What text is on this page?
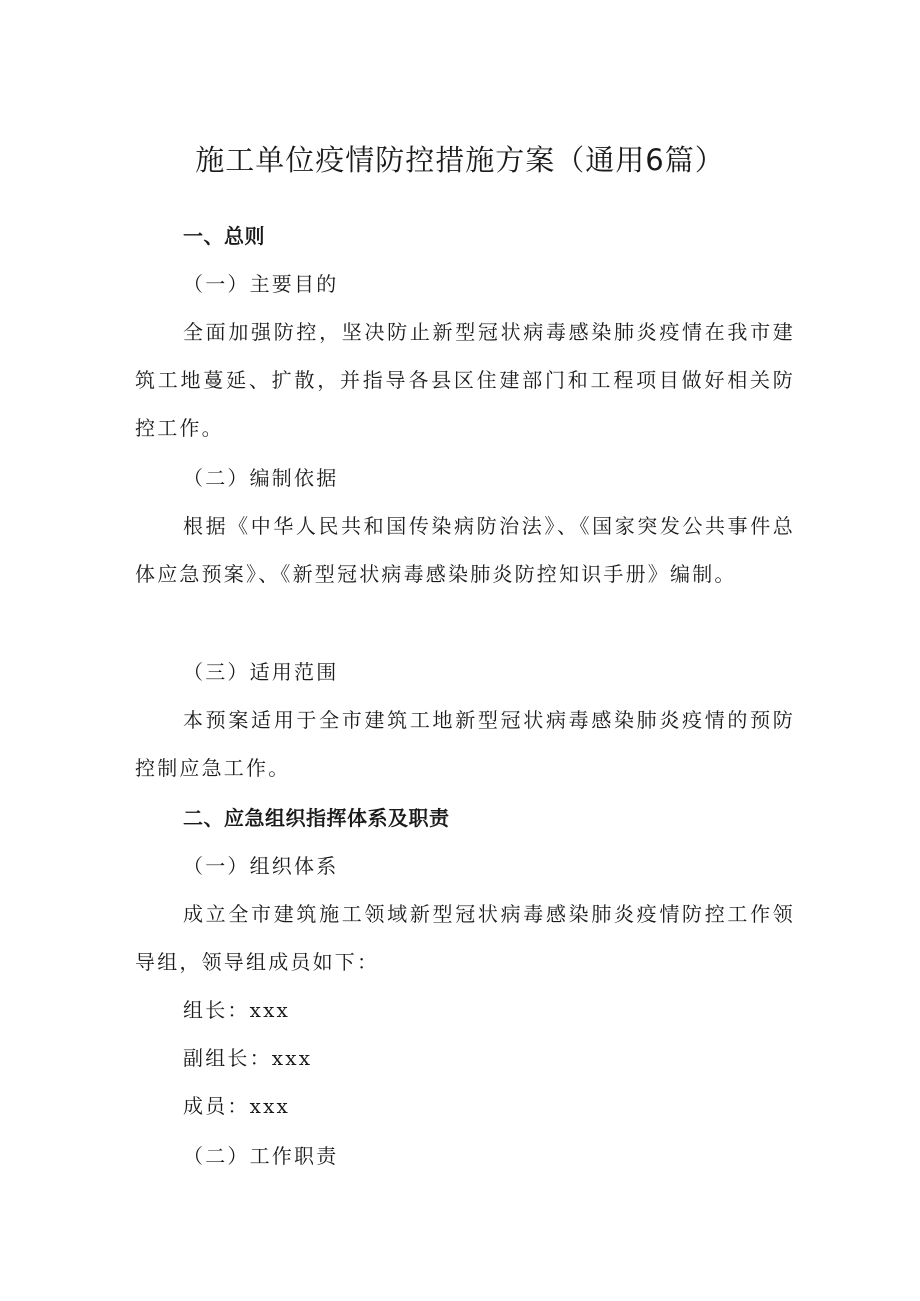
施工单位疫情防控措施方案（通用6篇）

一、总则

（一）主要目的

全面加强防控，坚决防止新型冠状病毒感染肺炎疫情在我市建筑工地蔓延、扩散，并指导各县区住建部门和工程项目做好相关防控工作。

（二）编制依据

根据《中华人民共和国传染病防治法》、《国家突发公共事件总体应急预案》、《新型冠状病毒感染肺炎防控知识手册》编制。

（三）适用范围

本预案适用于全市建筑工地新型冠状病毒感染肺炎疫情的预防控制应急工作。

二、应急组织指挥体系及职责

（一）组织体系

成立全市建筑施工领域新型冠状病毒感染肺炎疫情防控工作领导组，领导组成员如下：

组长：xxx

副组长：xxx

成员：xxx

（二）工作职责
